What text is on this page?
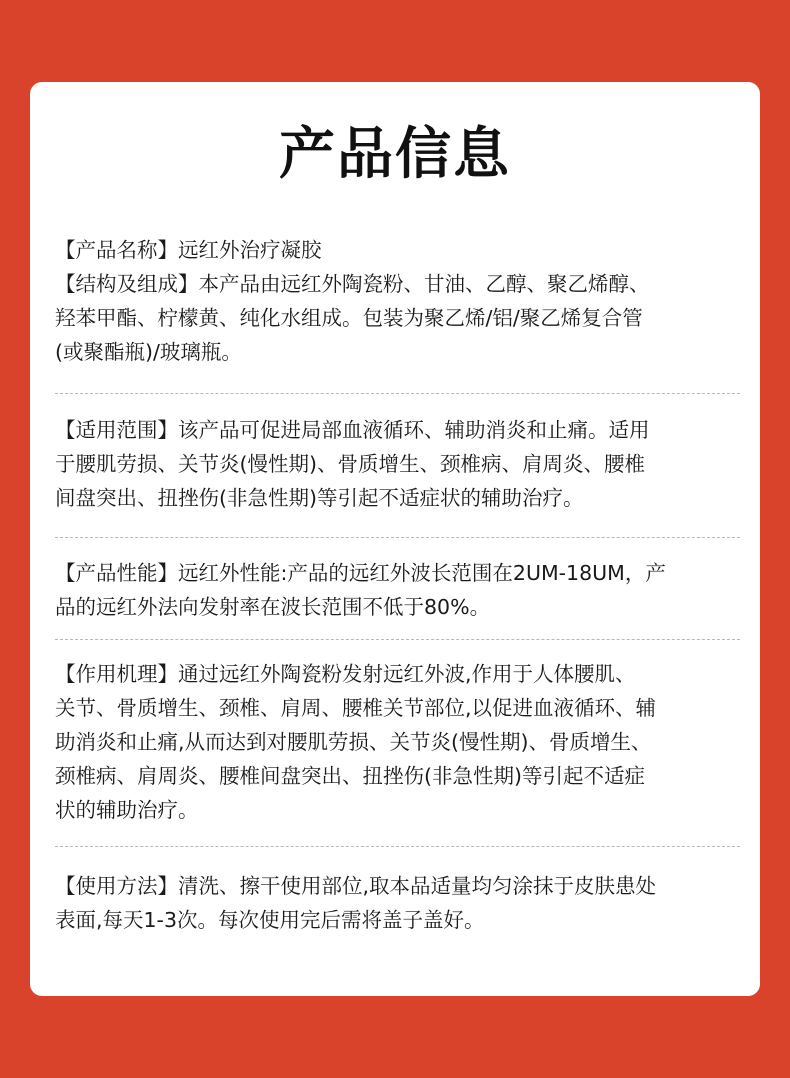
产品信息
【产品名称】远红外治疗凝胶
【结构及组成】本产品由远红外陶瓷粉、甘油、乙醇、聚乙烯醇、
羟苯甲酯、柠檬黄、纯化水组成。包装为聚乙烯/铝/聚乙烯复合管
(或聚酯瓶)/玻璃瓶。
【适用范围】该产品可促进局部血液循环、辅助消炎和止痛。适用
于腰肌劳损、关节炎(慢性期)、骨质增生、颈椎病、肩周炎、腰椎
间盘突出、扭挫伤(非急性期)等引起不适症状的辅助治疗。
【产品性能】远红外性能:产品的远红外波长范围在2UM-18UM，产
品的远红外法向发射率在波长范围不低于80%。
【作用机理】通过远红外陶瓷粉发射远红外波,作用于人体腰肌、
关节、骨质增生、颈椎、肩周、腰椎关节部位,以促进血液循环、辅
助消炎和止痛,从而达到对腰肌劳损、关节炎(慢性期)、骨质增生、
颈椎病、肩周炎、腰椎间盘突出、扭挫伤(非急性期)等引起不适症
状的辅助治疗。
【使用方法】清洗、擦干使用部位,取本品适量均匀涂抹于皮肤患处
表面,每天1-3次。每次使用完后需将盖子盖好。
